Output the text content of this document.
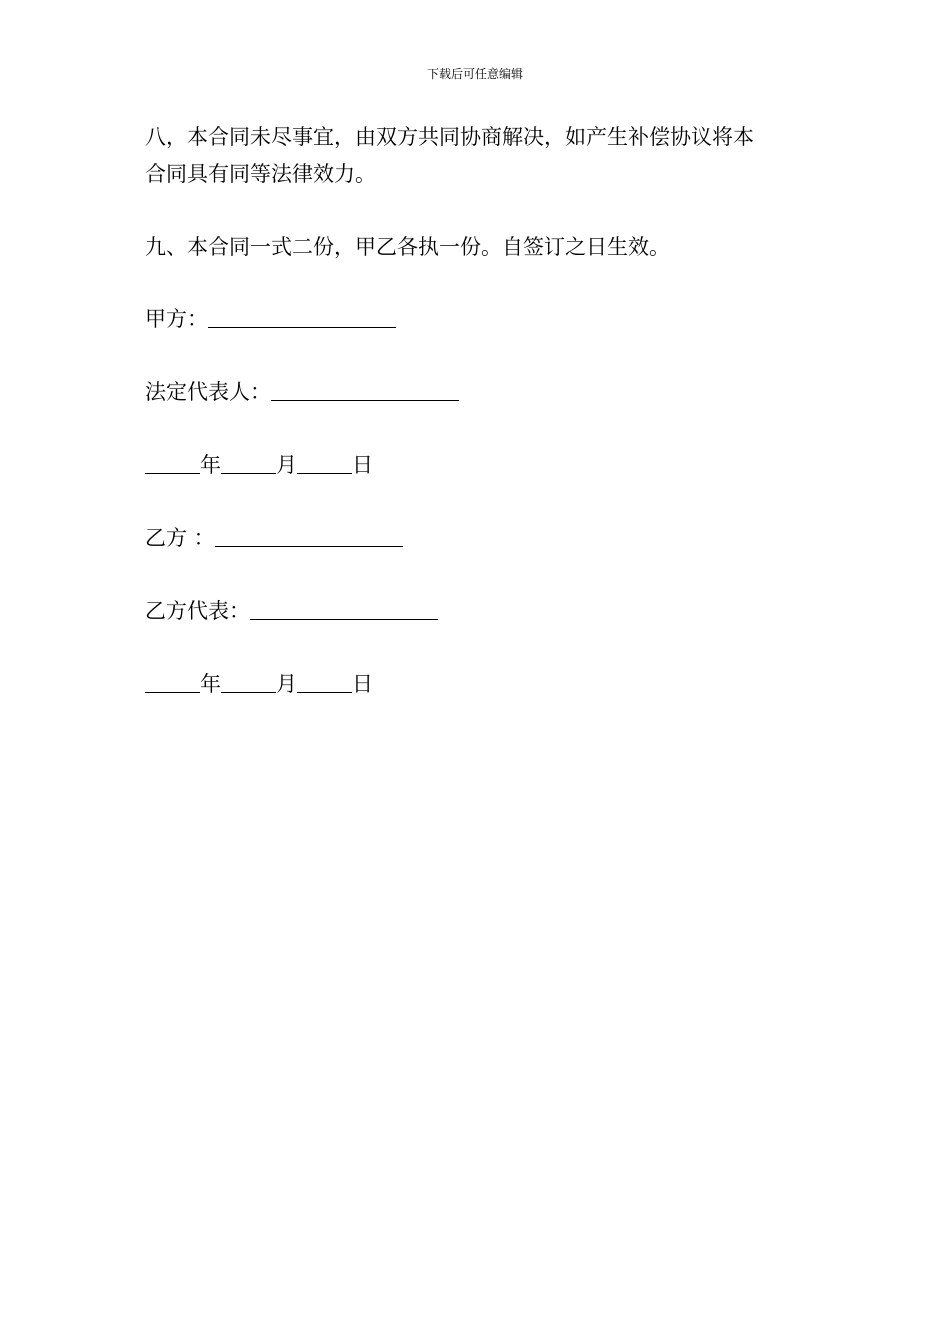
下载后可任意编辑
八，本合同未尽事宜，由双方共同协商解决，如产生补偿协议将本
合同具有同等法律效力。
九、本合同一式二份，甲乙各执一份。自签订之日生效。
甲方：
法定代表人：
年	月	日
乙方 ：
乙方代表：
年	月	日
